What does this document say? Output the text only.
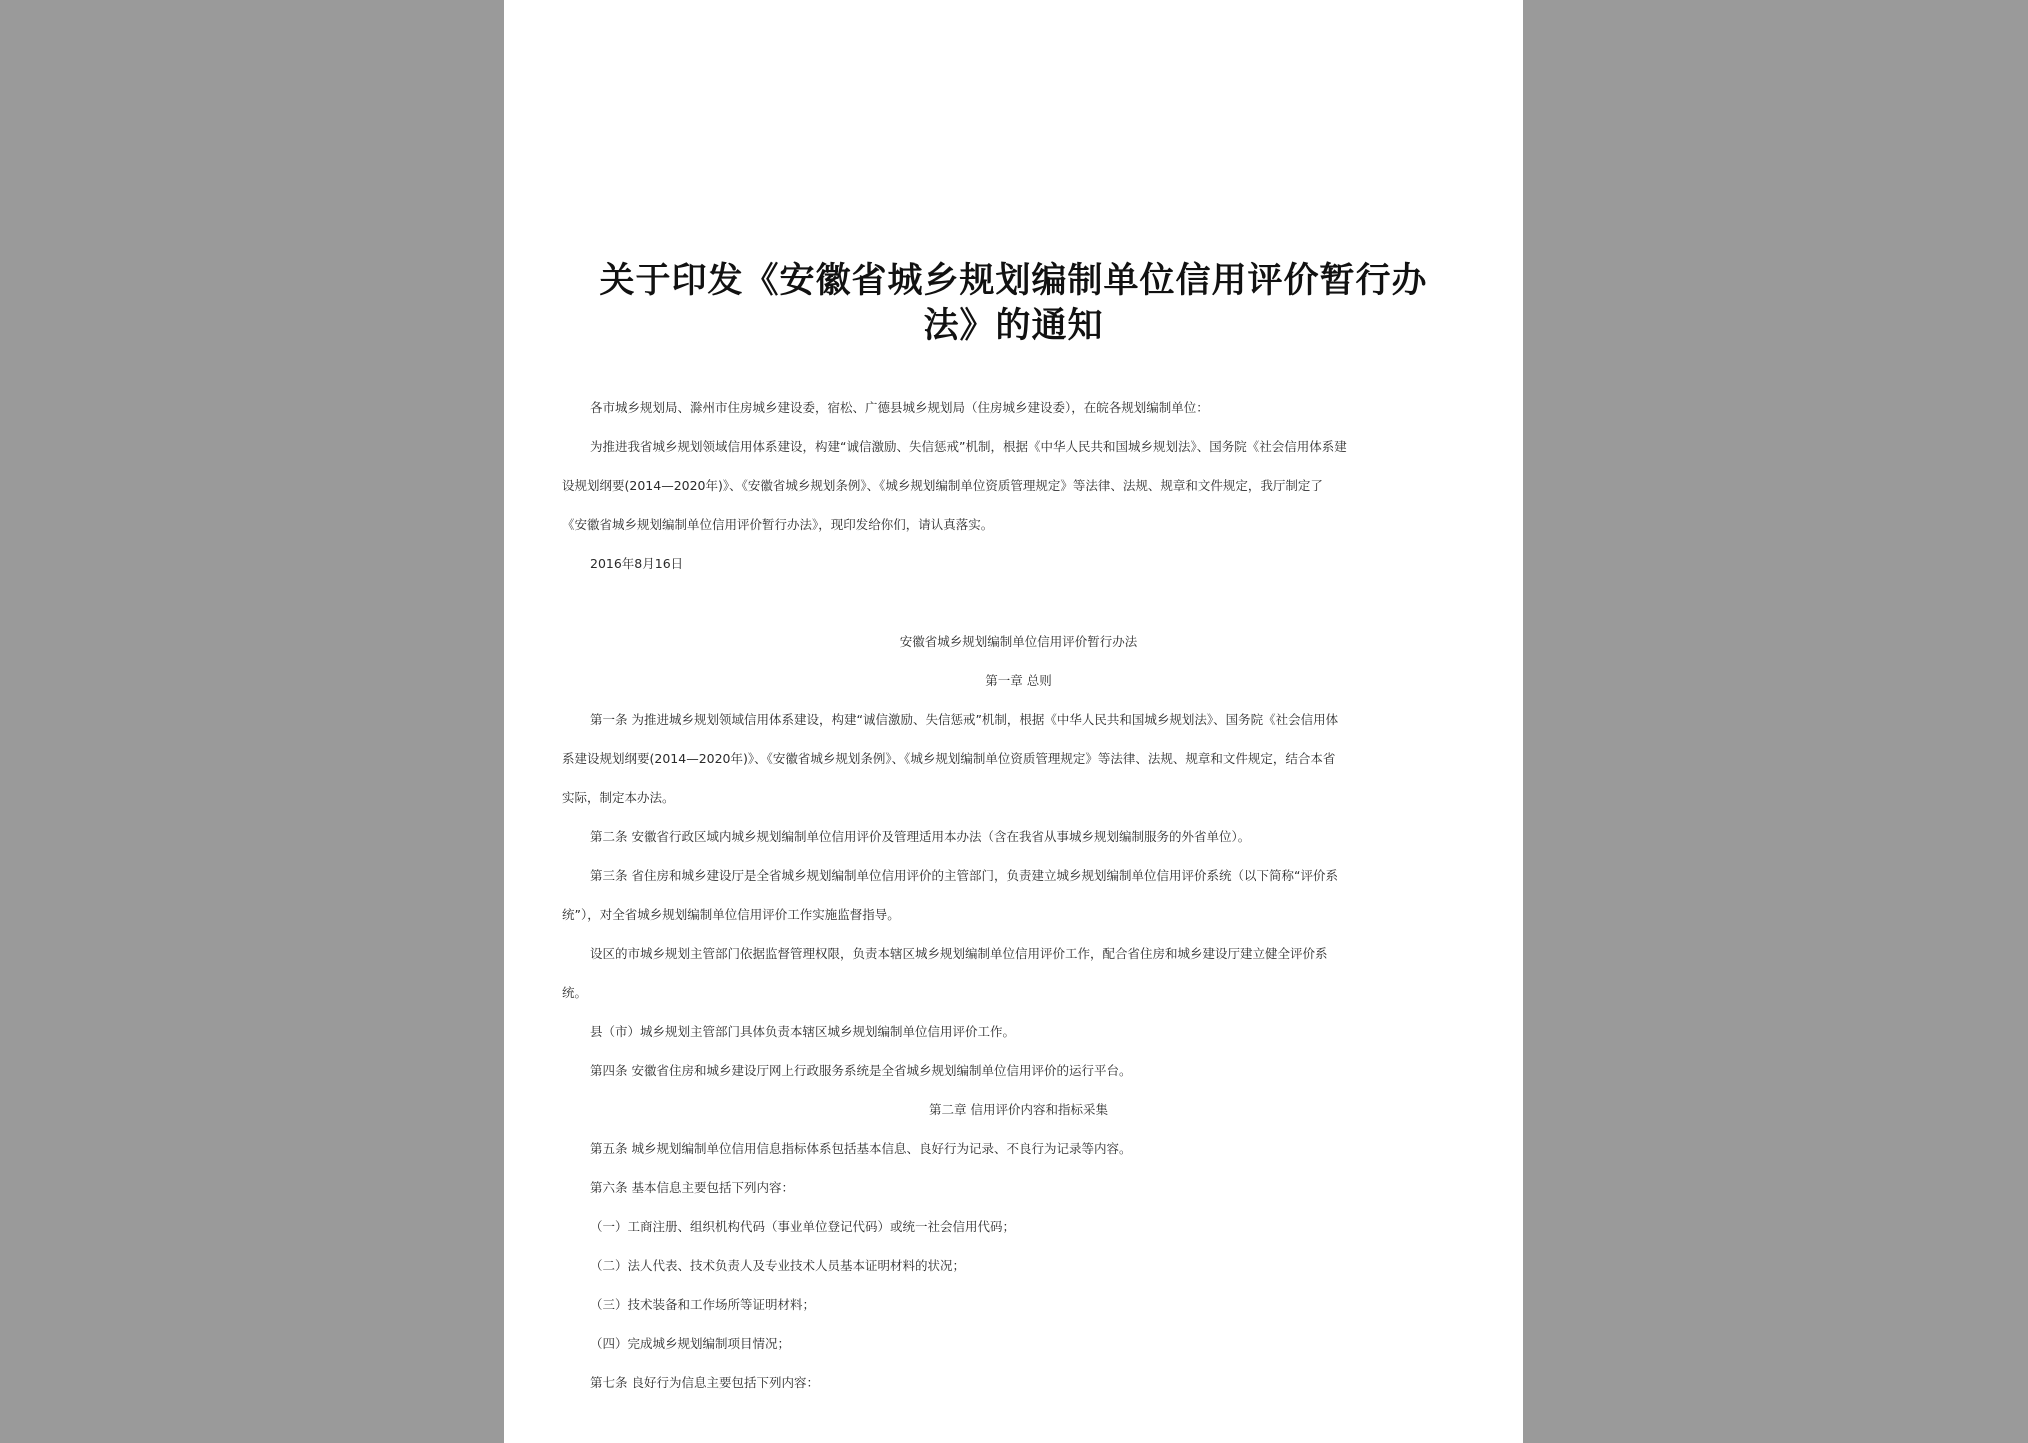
关于印发《安徽省城乡规划编制单位信用评价暂行办
法》的通知
各市城乡规划局、滁州市住房城乡建设委，宿松、广德县城乡规划局（住房城乡建设委），在皖各规划编制单位：
为推进我省城乡规划领域信用体系建设，构建“诚信激励、失信惩戒”机制，根据《中华人民共和国城乡规划法》、国务院《社会信用体系建
设规划纲要(2014—2020年)》、《安徽省城乡规划条例》、《城乡规划编制单位资质管理规定》等法律、法规、规章和文件规定，我厅制定了
《安徽省城乡规划编制单位信用评价暂行办法》，现印发给你们，请认真落实。
2016年8月16日
安徽省城乡规划编制单位信用评价暂行办法
第一章 总则
第一条 为推进城乡规划领域信用体系建设，构建“诚信激励、失信惩戒”机制，根据《中华人民共和国城乡规划法》、国务院《社会信用体
系建设规划纲要(2014—2020年)》、《安徽省城乡规划条例》、《城乡规划编制单位资质管理规定》等法律、法规、规章和文件规定，结合本省
实际，制定本办法。
第二条 安徽省行政区域内城乡规划编制单位信用评价及管理适用本办法（含在我省从事城乡规划编制服务的外省单位）。
第三条 省住房和城乡建设厅是全省城乡规划编制单位信用评价的主管部门，负责建立城乡规划编制单位信用评价系统（以下简称“评价系
统”），对全省城乡规划编制单位信用评价工作实施监督指导。
设区的市城乡规划主管部门依据监督管理权限，负责本辖区城乡规划编制单位信用评价工作，配合省住房和城乡建设厅建立健全评价系
统。
县（市）城乡规划主管部门具体负责本辖区城乡规划编制单位信用评价工作。
第四条 安徽省住房和城乡建设厅网上行政服务系统是全省城乡规划编制单位信用评价的运行平台。
第二章 信用评价内容和指标采集
第五条 城乡规划编制单位信用信息指标体系包括基本信息、良好行为记录、不良行为记录等内容。
第六条 基本信息主要包括下列内容：
（一）工商注册、组织机构代码（事业单位登记代码）或统一社会信用代码；
（二）法人代表、技术负责人及专业技术人员基本证明材料的状况；
（三）技术装备和工作场所等证明材料；
（四）完成城乡规划编制项目情况；
第七条 良好行为信息主要包括下列内容：
